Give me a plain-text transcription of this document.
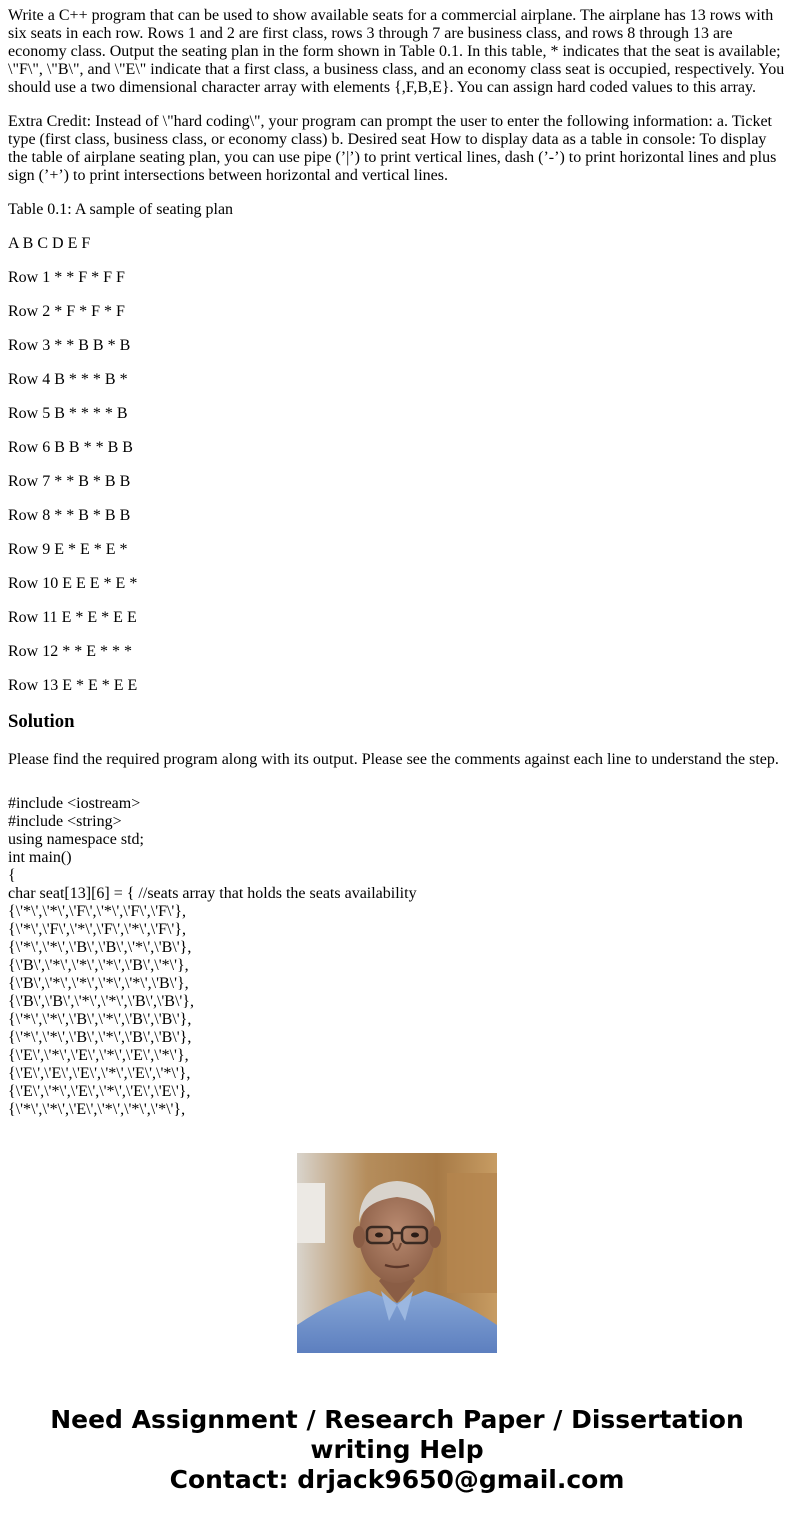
Write a C++ program that can be used to show available seats for a commercial airplane. The airplane has 13 rows with six seats in each row. Rows 1 and 2 are first class, rows 3 through 7 are business class, and rows 8 through 13 are economy class. Output the seating plan in the form shown in Table 0.1. In this table, * indicates that the seat is available; \"F\", \"B\", and \"E\" indicate that a first class, a business class, and an economy class seat is occupied, respectively. You should use a two dimensional character array with elements {,F,B,E}. You can assign hard coded values to this array.

Extra Credit: Instead of \"hard coding\", your program can prompt the user to enter the following information: a. Ticket type (first class, business class, or economy class) b. Desired seat How to display data as a table in console: To display the table of airplane seating plan, you can use pipe (’|’) to print vertical lines, dash (’-’) to print horizontal lines and plus sign (’+’) to print intersections between horizontal and vertical lines.

Table 0.1: A sample of seating plan

A B C D E F

Row 1 * * F * F F

Row 2 * F * F * F

Row 3 * * B B * B

Row 4 B * * * B *

Row 5 B * * * * B

Row 6 B B * * B B

Row 7 * * B * B B

Row 8 * * B * B B

Row 9 E * E * E *

Row 10 E E E * E *

Row 11 E * E * E E

Row 12 * * E * * *

Row 13 E * E * E E

Solution

Please find the required program along with its output. Please see the comments against each line to understand the step.

#include <iostream>
#include <string>
using namespace std;
int main()
{
char seat[13][6] = { //seats array that holds the seats availability
{\'*\',\'*\',\'F\',\'*\',\'F\',\'F\'},
{\'*\',\'F\',\'*\',\'F\',\'*\',\'F\'},
{\'*\',\'*\',\'B\',\'B\',\'*\',\'B\'},
{\'B\',\'*\',\'*\',\'*\',\'B\',\'*\'},
{\'B\',\'*\',\'*\',\'*\',\'*\',\'B\'},
{\'B\',\'B\',\'*\',\'*\',\'B\',\'B\'},
{\'*\',\'*\',\'B\',\'*\',\'B\',\'B\'},
{\'*\',\'*\',\'B\',\'*\',\'B\',\'B\'},
{\'E\',\'*\',\'E\',\'*\',\'E\',\'*\'},
{\'E\',\'E\',\'E\',\'*\',\'E\',\'*\'},
{\'E\',\'*\',\'E\',\'*\',\'E\',\'E\'},
{\'*\',\'*\',\'E\',\'*\',\'*\',\'*\'},
Need Assignment / Research Paper / Dissertation writing Help
Contact: drjack9650@gmail.com
